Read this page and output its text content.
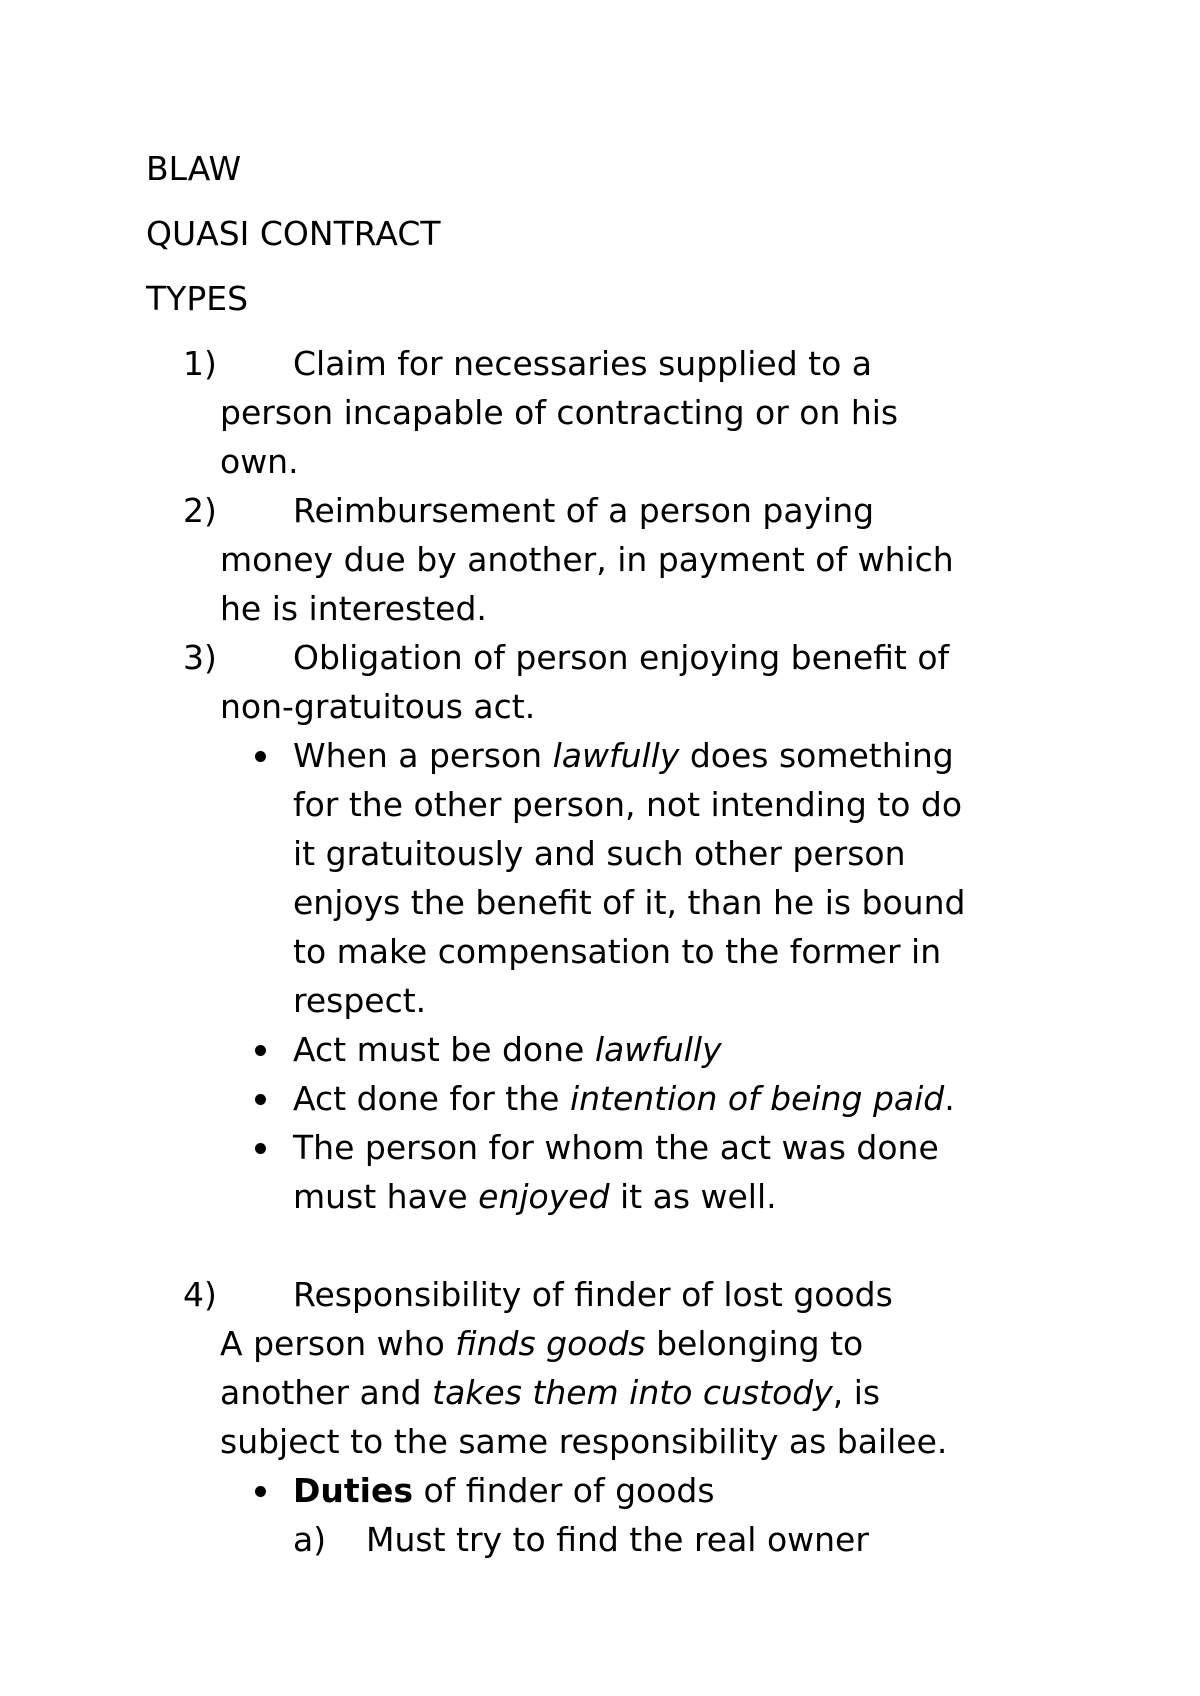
BLAW
QUASI CONTRACT
TYPES
1) Claim for necessaries supplied to a
person incapable of contracting or on his
own.
2) Reimbursement of a person paying
money due by another, in payment of which
he is interested.
3) Obligation of person enjoying benefit of
non-gratuitous act.
When a person lawfully does something
for the other person, not intending to do
it gratuitously and such other person
enjoys the benefit of it, than he is bound
to make compensation to the former in
respect.
Act must be done lawfully
Act done for the intention of being paid.
The person for whom the act was done
must have enjoyed it as well.
4) Responsibility of finder of lost goods
A person who finds goods belonging to
another and takes them into custody, is
subject to the same responsibility as bailee.
Duties of finder of goods
a) Must try to find the real owner
